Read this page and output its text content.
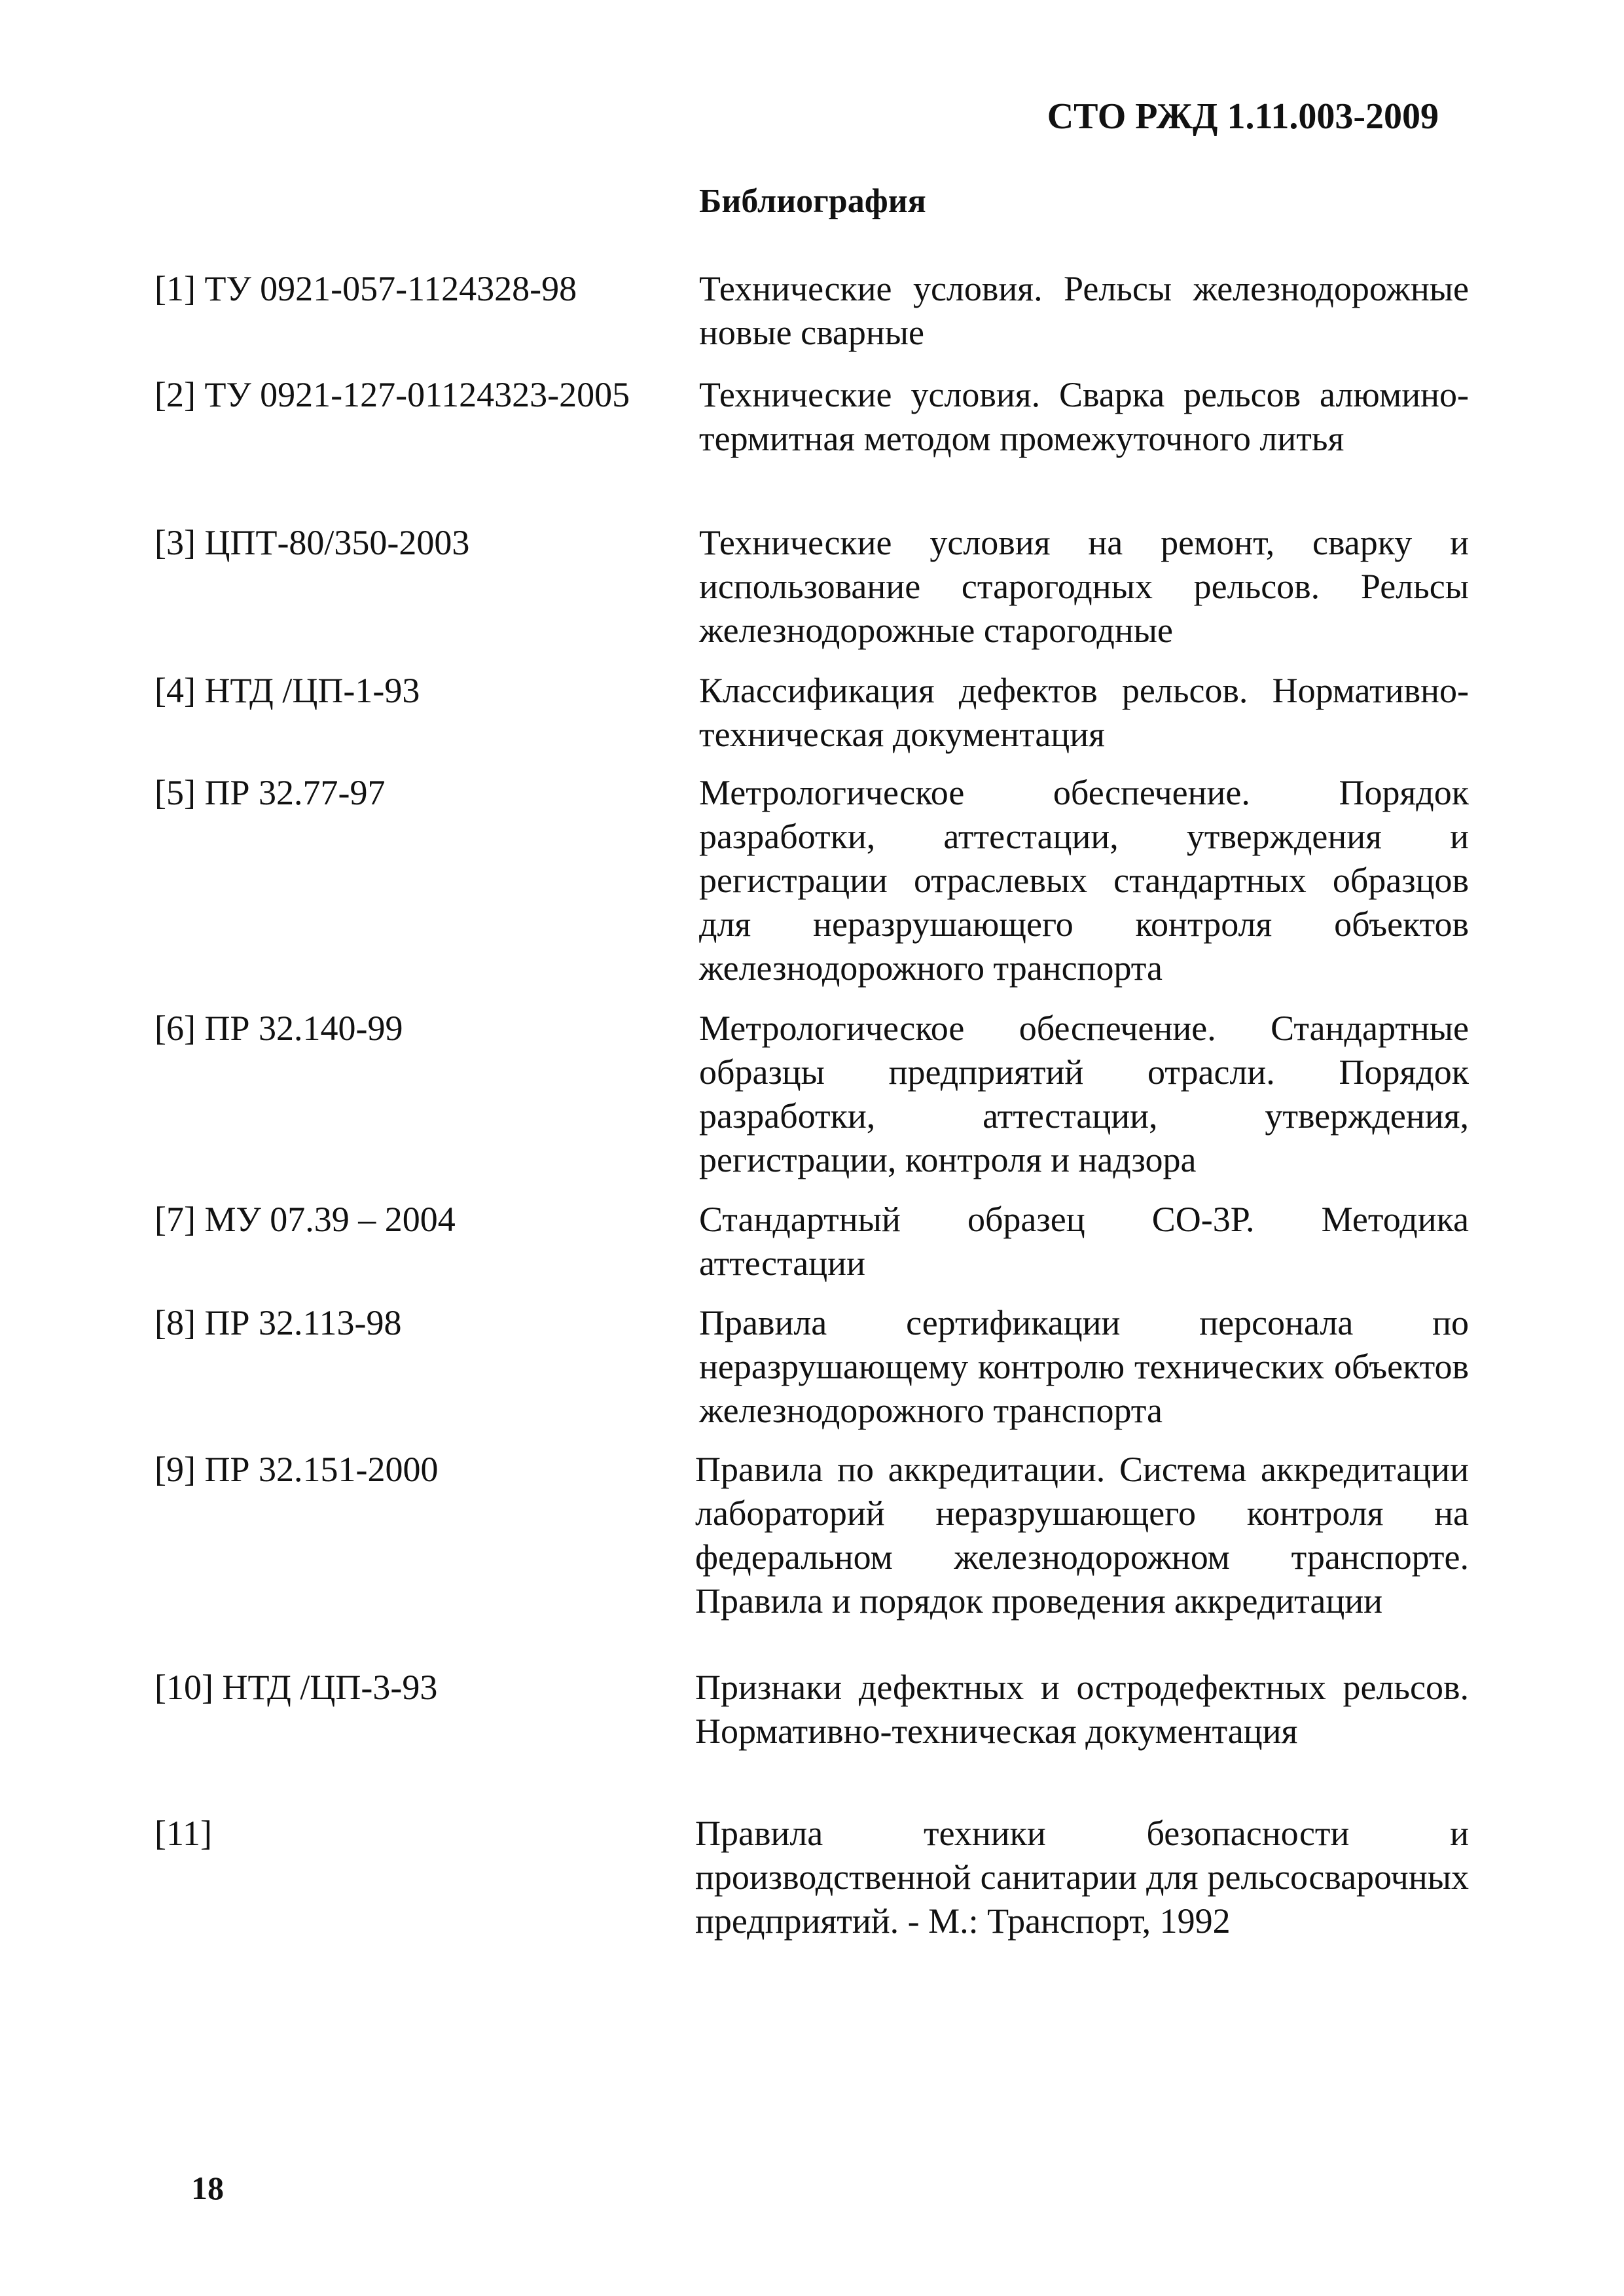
СТО РЖД 1.11.003-2009
Библиография
[1] ТУ 0921-057-1124328-98	Технические условия. Рельсы железнодорожные новые сварные
[2] ТУ 0921-127-01124323-2005 Технические условия. Сварка рельсов алюмино-термитная методом промежуточного литья
[3] ЦПТ-80/350-2003	Технические условия на ремонт, сварку и использование старогодных рельсов. Рельсы железнодорожные старогодные
[4] НТД /ЦП-1-93	Классификация дефектов рельсов. Нормативно-техническая документация
[5] ПР 32.77-97	Метрологическое обеспечение. Порядок разработки, аттестации, утверждения и регистрации отраслевых стандартных образцов для неразрушающего контроля объектов железнодорожного транспорта
[6] ПР 32.140-99	Метрологическое обеспечение. Стандартные образцы предприятий отрасли. Порядок разработки, аттестации, утверждения, регистрации, контроля и надзора
[7] МУ 07.39 – 2004	Стандартный образец СО-3Р. Методика аттестации
[8] ПР 32.113-98	Правила сертификации персонала по неразрушающему контролю технических объектов железнодорожного транспорта
[9] ПР 32.151-2000	Правила по аккредитации. Система аккредитации лабораторий неразрушающего контроля на федеральном железнодорожном транспорте. Правила и порядок проведения аккредитации
[10] НТД /ЦП-3-93	Признаки дефектных и остродефектных рельсов. Нормативно-техническая документация
[11]	Правила техники безопасности и производственной санитарии для рельсосварочных предприятий. - М.: Транспорт, 1992
18
